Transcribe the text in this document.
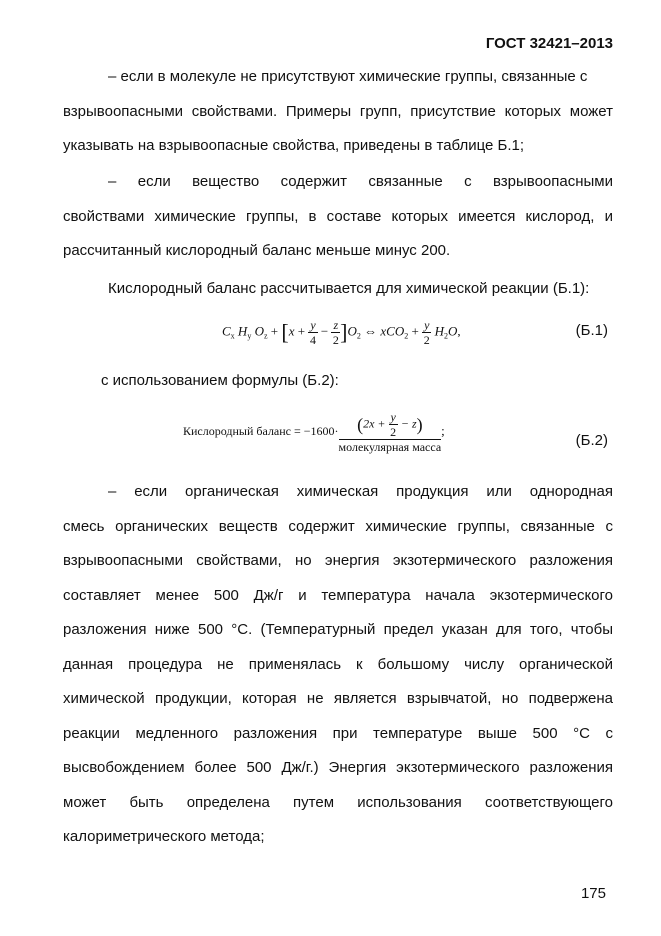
ГОСТ 32421–2013
– если в молекуле не присутствуют химические группы, связанные с
взрывоопасными свойствами. Примеры групп, присутствие которых может
указывать на взрывоопасные свойства, приведены в таблице Б.1;
– если вещество содержит связанные с взрывоопасными
свойствами химические группы, в составе которых имеется кислород, и
рассчитанный кислородный баланс меньше минус 200.
Кислородный баланс рассчитывается для химической реакции (Б.1):
$C_x$ $H_y$ $O_z + [x + \frac{y}{4} - \frac{z}{2} ]O_2$ ⇔ $xCO_2 + \frac{y}{2} H_2O$,	(Б.1)
с использованием формулы (Б.2):
Кислородный баланс = $-1600\cdot \frac{(2x + \frac{y}{2} - z)}{\text{молекулярная масса}}$ ;
(Б.2)
– если органическая химическая продукция или однородная
смесь органических веществ содержит химические группы, связанные с
взрывоопасными свойствами, но энергия экзотермического разложения
составляет менее 500 Дж/г и температура начала экзотермического
разложения ниже 500 °С. (Температурный предел указан для того, чтобы
данная процедура не применялась к большому числу органической
химической продукции, которая не является взрывчатой, но подвержена
реакции медленного разложения при температуре выше 500 °С с
высвобождением более 500 Дж/г.) Энергия экзотермического разложения
может быть определена путем использования соответствующего
калориметрического метода;
175
